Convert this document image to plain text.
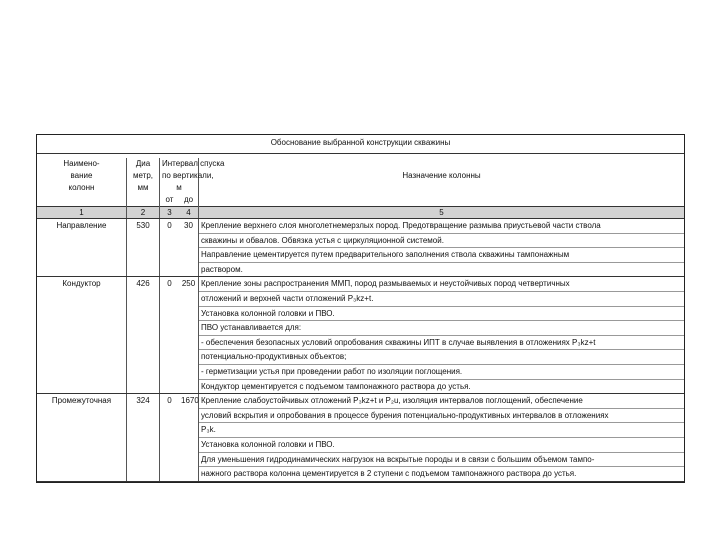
Обоснование выбранной конструкции скважины
Наимено-	Диа	Интервал спуска		
вание	метр,	по вертикали,		Назначение колонны
колонн	мм	м		
		от	до	
1	2	3	4	5
Направление	530	0	30	Крепление верхнего слоя многолетнемерзлых пород. Предотвращение размыва приустьевой части ствола
				скважины и обвалов. Обвязка устья с циркуляционной системой.
				Направление цементируется путем предварительного заполнения ствола скважины тампонажным
				раствором.
Кондуктор	426	0	250	Крепление зоны распространения ММП, пород размываемых и неустойчивых пород четвертичных
				отложений и верхней части отложений P₃kz+t.
				Установка колонной головки и ПВО.
				ПВО устанавливается для:
				- обеспечения безопасных условий опробования скважины ИПТ в случае выявления в отложениях P₃kz+t
				потенциально-продуктивных объектов;
				- герметизации устья при проведении работ по изоляции поглощения.
				Кондуктор цементируется с подъемом тампонажного раствора до устья.
Промежуточная	324	0	1670	Крепление слабоустойчивых отложений P₃kz+t и P₂u, изоляция интервалов поглощений, обеспечение
				условий вскрытия и опробования в процессе бурения потенциально-продуктивных интервалов в отложениях
				P₃k.
				Установка колонной головки и ПВО.
				Для уменьшения гидродинамических нагрузок на вскрытые породы и в связи с большим объемом тампо-
				нажного раствора колонна цементируется в 2 ступени с подъемом тампонажного раствора до устья.
